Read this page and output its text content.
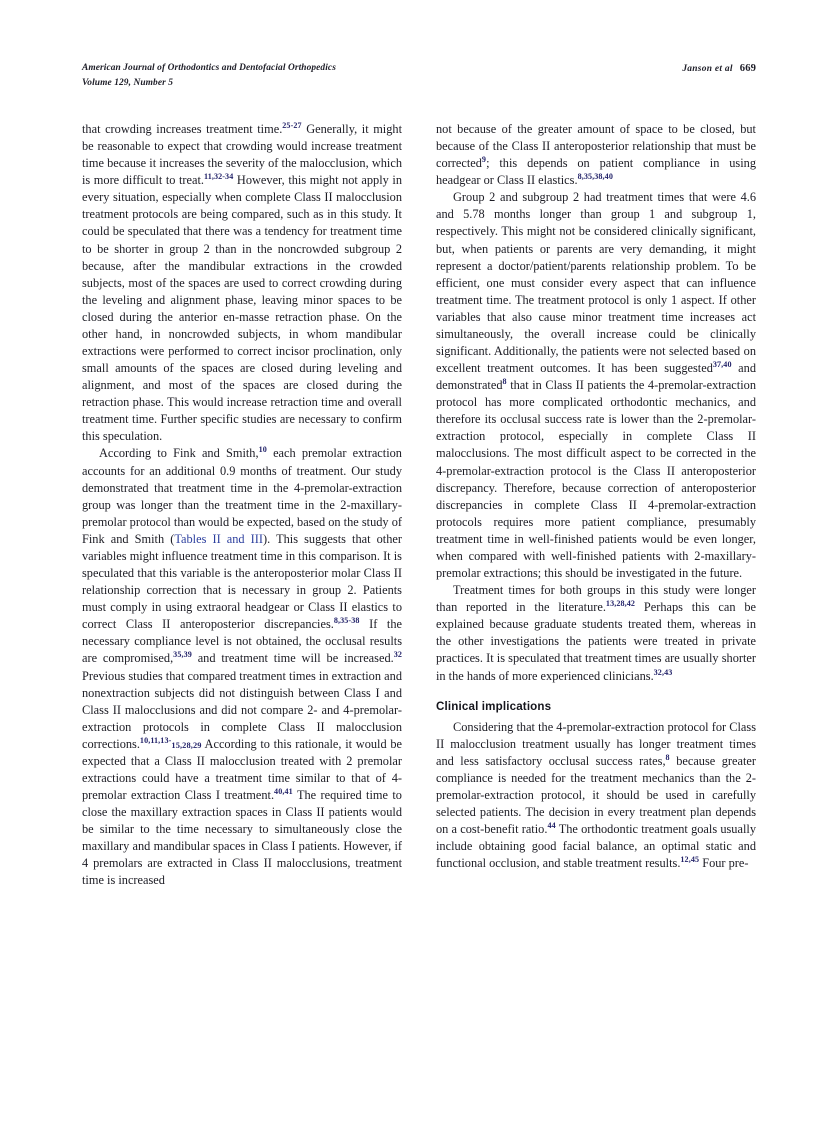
American Journal of Orthodontics and Dentofacial Orthopedics
Volume 129, Number 5
Janson et al 669

that crowding increases treatment time.$^{25-27}$ Generally, it might be reasonable to expect that crowding would increase treatment time because it increases the severity of the malocclusion, which is more difficult to treat.$^{11,32-34}$ However, this might not apply in every situation, especially when complete Class II malocclusion treatment protocols are being compared, such as in this study. It could be speculated that there was a tendency for treatment time to be shorter in group 2 than in the noncrowded subgroup 2 because, after the mandibular extractions in the crowded subjects, most of the spaces are used to correct crowding during the leveling and alignment phase, leaving minor spaces to be closed during the anterior en-masse retraction phase. On the other hand, in noncrowded subjects, in whom mandibular extractions were performed to correct incisor proclination, only small amounts of the spaces are closed during leveling and alignment, and most of the spaces are closed during the retraction phase. This would increase retraction time and overall treatment time. Further specific studies are necessary to confirm this speculation.

According to Fink and Smith,$^{10}$ each premolar extraction accounts for an additional 0.9 months of treatment. Our study demonstrated that treatment time in the 4-premolar-extraction group was longer than the treatment time in the 2-maxillary-premolar protocol than would be expected, based on the study of Fink and Smith (Tables II and III). This suggests that other variables might influence treatment time in this comparison. It is speculated that this variable is the anteroposterior molar Class II relationship correction that is necessary in group 2. Patients must comply in using extraoral headgear or Class II elastics to correct Class II anteroposterior discrepancies.$^{8,35-38}$ If the necessary compliance level is not obtained, the occlusal results are compromised,$^{35,39}$ and treatment time will be increased.$^{32}$ Previous studies that compared treatment times in extraction and nonextraction subjects did not distinguish between Class I and Class II malocclusions and did not compare 2- and 4-premolar-extraction protocols in complete Class II malocclusion corrections.$^{10,11,13-}$15,28,29 According to this rationale, it would be expected that a Class II malocclusion treated with 2 premolar extractions could have a treatment time similar to that of 4-premolar extraction Class I treatment.$^{40,41}$ The required time to close the maxillary extraction spaces in Class II patients would be similar to the time necessary to simultaneously close the maxillary and mandibular spaces in Class I patients. However, if 4 premolars are extracted in Class II malocclusions, treatment time is increased

not because of the greater amount of space to be closed, but because of the Class II anteroposterior relationship that must be corrected$^9$; this depends on patient compliance in using headgear or Class II elastics.$^{8,35,38,40}$

Group 2 and subgroup 2 had treatment times that were 4.6 and 5.78 months longer than group 1 and subgroup 1, respectively. This might not be considered clinically significant, but, when patients or parents are very demanding, it might represent a doctor/patient/parents relationship problem. To be efficient, one must consider every aspect that can influence treatment time. The treatment protocol is only 1 aspect. If other variables that also cause minor treatment time increases act simultaneously, the overall increase could be clinically significant. Additionally, the patients were not selected based on excellent treatment outcomes. It has been suggested$^{37,40}$ and demonstrated$^8$ that in Class II patients the 4-premolar-extraction protocol has more complicated orthodontic mechanics, and therefore its occlusal success rate is lower than the 2-premolar-extraction protocol, especially in complete Class II malocclusions. The most difficult aspect to be corrected in the 4-premolar-extraction protocol is the Class II anteroposterior discrepancy. Therefore, because correction of anteroposterior discrepancies in complete Class II 4-premolar-extraction protocols requires more patient compliance, presumably treatment time in well-finished patients would be even longer, when compared with well-finished patients with 2-maxillary-premolar extractions; this should be investigated in the future.

Treatment times for both groups in this study were longer than reported in the literature.$^{13,28,42}$ Perhaps this can be explained because graduate students treated them, whereas in the other investigations the patients were treated in private practices. It is speculated that treatment times are usually shorter in the hands of more experienced clinicians.$^{32,43}$

Clinical implications

Considering that the 4-premolar-extraction protocol for Class II malocclusion treatment usually has longer treatment times and less satisfactory occlusal success rates,$^8$ because greater compliance is needed for the treatment mechanics than the 2-premolar-extraction protocol, it should be used in carefully selected patients. The decision in every treatment plan depends on a cost-benefit ratio.$^{44}$ The orthodontic treatment goals usually include obtaining good facial balance, an optimal static and functional occlusion, and stable treatment results.$^{12,45}$ Four pre-
